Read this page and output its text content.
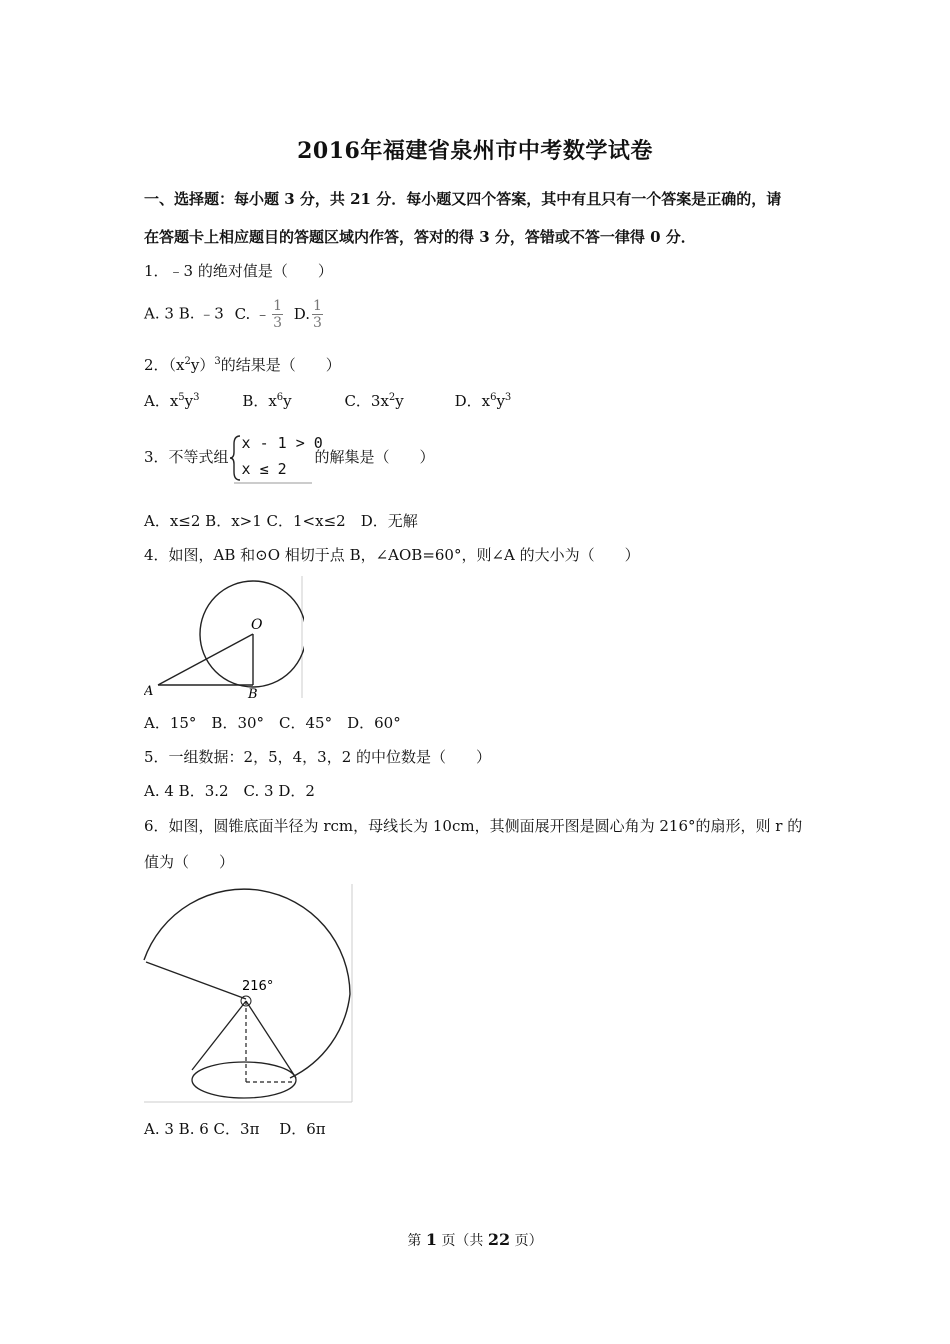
2016年福建省泉州市中考数学试卷
一、选择题：每小题 3 分，共 21 分．每小题又四个答案，其中有且只有一个答案是正确的，请
在答题卡上相应题目的答题区域内作答，答对的得 3 分，答错或不答一律得 0 分．
1．﹣3 的绝对值是（　　）
A. 3 B. ﹣3 C. ﹣ $\frac{1}{3} D$. $\frac{1}{3}$
2．$(x^2y)^3$的结果是（　　）
A．$x^5y^3$	B．$x^6y$	C．$3x^2y$	D．$x^6y^3$
3．不等式组
x - 1 > 0
x ≤ 2
的解集是（　　）
A．x≤2 B．x>1 C．1<x≤2　D．无解
4．如图，AB 和⊙O 相切于点 B，∠AOB=60°，则∠A 的大小为（　　）
O
A	B
A．15°　B．30°　C．45°　D．60°
5．一组数据：2，5，4，3，2 的中位数是（　　）
A. 4 B．3.2　C. 3 D．2
6．如图，圆锥底面半径为 rcm，母线长为 10cm，其侧面展开图是圆心角为 216°的扇形，则 r 的
值为（　　）
216°
A. 3 B. 6 C．3π　 D．6π
第 1 页（共 22 页）
